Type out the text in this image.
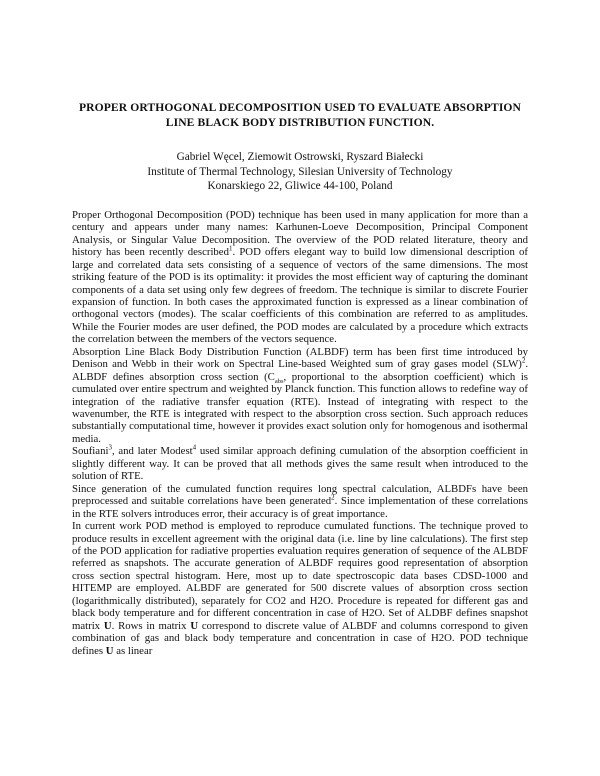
PROPER ORTHOGONAL DECOMPOSITION USED TO EVALUATE ABSORPTION
LINE BLACK BODY DISTRIBUTION FUNCTION.
Gabriel Węcel, Ziemowit Ostrowski, Ryszard Białecki
Institute of Thermal Technology, Silesian University of Technology
Konarskiego 22, Gliwice 44-100, Poland

Proper Orthogonal Decomposition (POD) technique has been used in many application for more than a century and appears under many names: Karhunen-Loeve Decomposition, Principal Component Analysis, or Singular Value Decomposition. The overview of the POD related literature, theory and history has been recently described$^1$. POD offers elegant way to build low dimensional description of large and correlated data sets consisting of a sequence of vectors of the same dimensions. The most striking feature of the POD is its optimality: it provides the most efficient way of capturing the dominant components of a data set using only few degrees of freedom. The technique is similar to discrete Fourier expansion of function. In both cases the approximated function is expressed as a linear combination of orthogonal vectors (modes). The scalar coefficients of this combination are referred to as amplitudes. While the Fourier modes are user defined, the POD modes are calculated by a procedure which extracts the correlation between the members of the vectors sequence.

Absorption Line Black Body Distribution Function (ALBDF) term has been first time introduced by Denison and Webb in their work on Spectral Line-based Weighted sum of gray gases model (SLW)$^2$. ALBDF defines absorption cross section ($C_{abs}$, proportional to the absorption coefficient) which is cumulated over entire spectrum and weighted by Planck function. This function allows to redefine way of integration of the radiative transfer equation (RTE). Instead of integrating with respect to the wavenumber, the RTE is integrated with respect to the absorption cross section. Such approach reduces substantially computational time, however it provides exact solution only for homogenous and isothermal media.

Soufiani$^3$, and later Modest$^4$ used similar approach defining cumulation of the absorption coefficient in slightly different way. It can be proved that all methods gives the same result when introduced to the solution of RTE.

Since generation of the cumulated function requires long spectral calculation, ALBDFs have been preprocessed and suitable correlations have been generated$^2$. Since implementation of these correlations in the RTE solvers introduces error, their accuracy is of great importance.

In current work POD method is employed to reproduce cumulated functions. The technique proved to produce results in excellent agreement with the original data (i.e. line by line calculations). The first step of the POD application for radiative properties evaluation requires generation of sequence of the ALBDF referred as snapshots. The accurate generation of ALBDF requires good representation of absorption cross section spectral histogram. Here, most up to date spectroscopic data bases CDSD-1000 and HITEMP are employed. ALBDF are generated for 500 discrete values of absorption cross section (logarithmically distributed), separately for CO2 and H2O. Procedure is repeated for different gas and black body temperature and for different concentration in case of H2O. Set of ALDBF defines snapshot matrix U. Rows in matrix U correspond to discrete value of ALBDF and columns correspond to given combination of gas and black body temperature and concentration in case of H2O. POD technique defines U as linear
